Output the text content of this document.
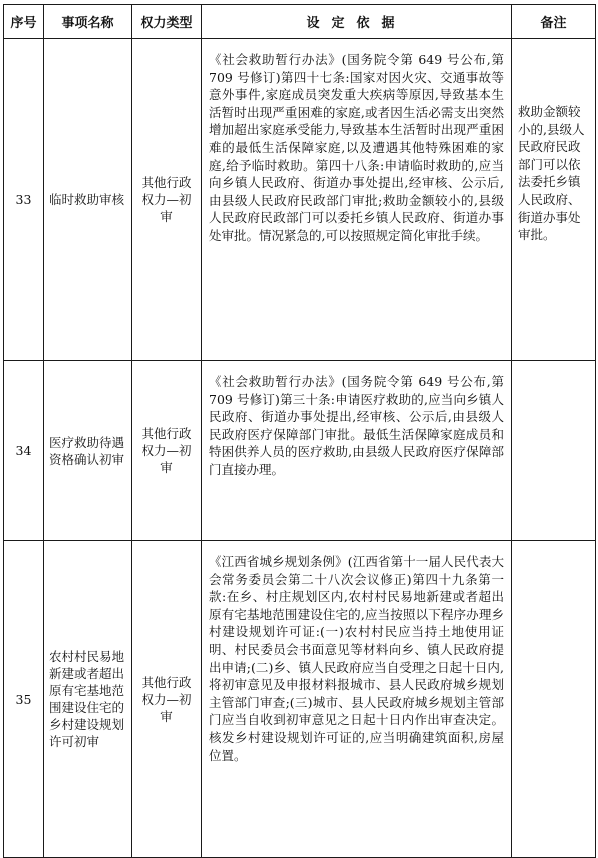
序号	事项名称	权力类型	设定依据	备注
33	临时救助审核	其他行政权力—初审	《社会救助暂行办法》(国务院令第 649 号公布,第 709 号修订)第四十七条:国家对因火灾、交通事故等意外事件,家庭成员突发重大疾病等原因,导致基本生活暂时出现严重困难的家庭,或者因生活必需支出突然增加超出家庭承受能力,导致基本生活暂时出现严重困难的最低生活保障家庭,以及遭遇其他特殊困难的家庭,给予临时救助。第四十八条:申请临时救助的,应当向乡镇人民政府、街道办事处提出,经审核、公示后,由县级人民政府民政部门审批;救助金额较小的,县级人民政府民政部门可以委托乡镇人民政府、街道办事处审批。情况紧急的,可以按照规定简化审批手续。	救助金额较小的,县级人民政府民政部门可以依法委托乡镇人民政府、街道办事处审批。
34	医疗救助待遇资格确认初审	其他行政权力—初审	《社会救助暂行办法》(国务院令第 649 号公布,第 709 号修订)第三十条:申请医疗救助的,应当向乡镇人民政府、街道办事处提出,经审核、公示后,由县级人民政府医疗保障部门审批。最低生活保障家庭成员和特困供养人员的医疗救助,由县级人民政府医疗保障部门直接办理。	
35	农村村民易地新建或者超出原有宅基地范围建设住宅的乡村建设规划许可初审	其他行政权力—初审	《江西省城乡规划条例》(江西省第十一届人民代表大会常务委员会第二十八次会议修正)第四十九条第一款:在乡、村庄规划区内,农村村民易地新建或者超出原有宅基地范围建设住宅的,应当按照以下程序办理乡村建设规划许可证:(一)农村村民应当持土地使用证明、村民委员会书面意见等材料向乡、镇人民政府提出申请;(二)乡、镇人民政府应当自受理之日起十日内,将初审意见及申报材料报城市、县人民政府城乡规划主管部门审查;(三)城市、县人民政府城乡规划主管部门应当自收到初审意见之日起十日内作出审查决定。核发乡村建设规划许可证的,应当明确建筑面积,房屋位置。	
